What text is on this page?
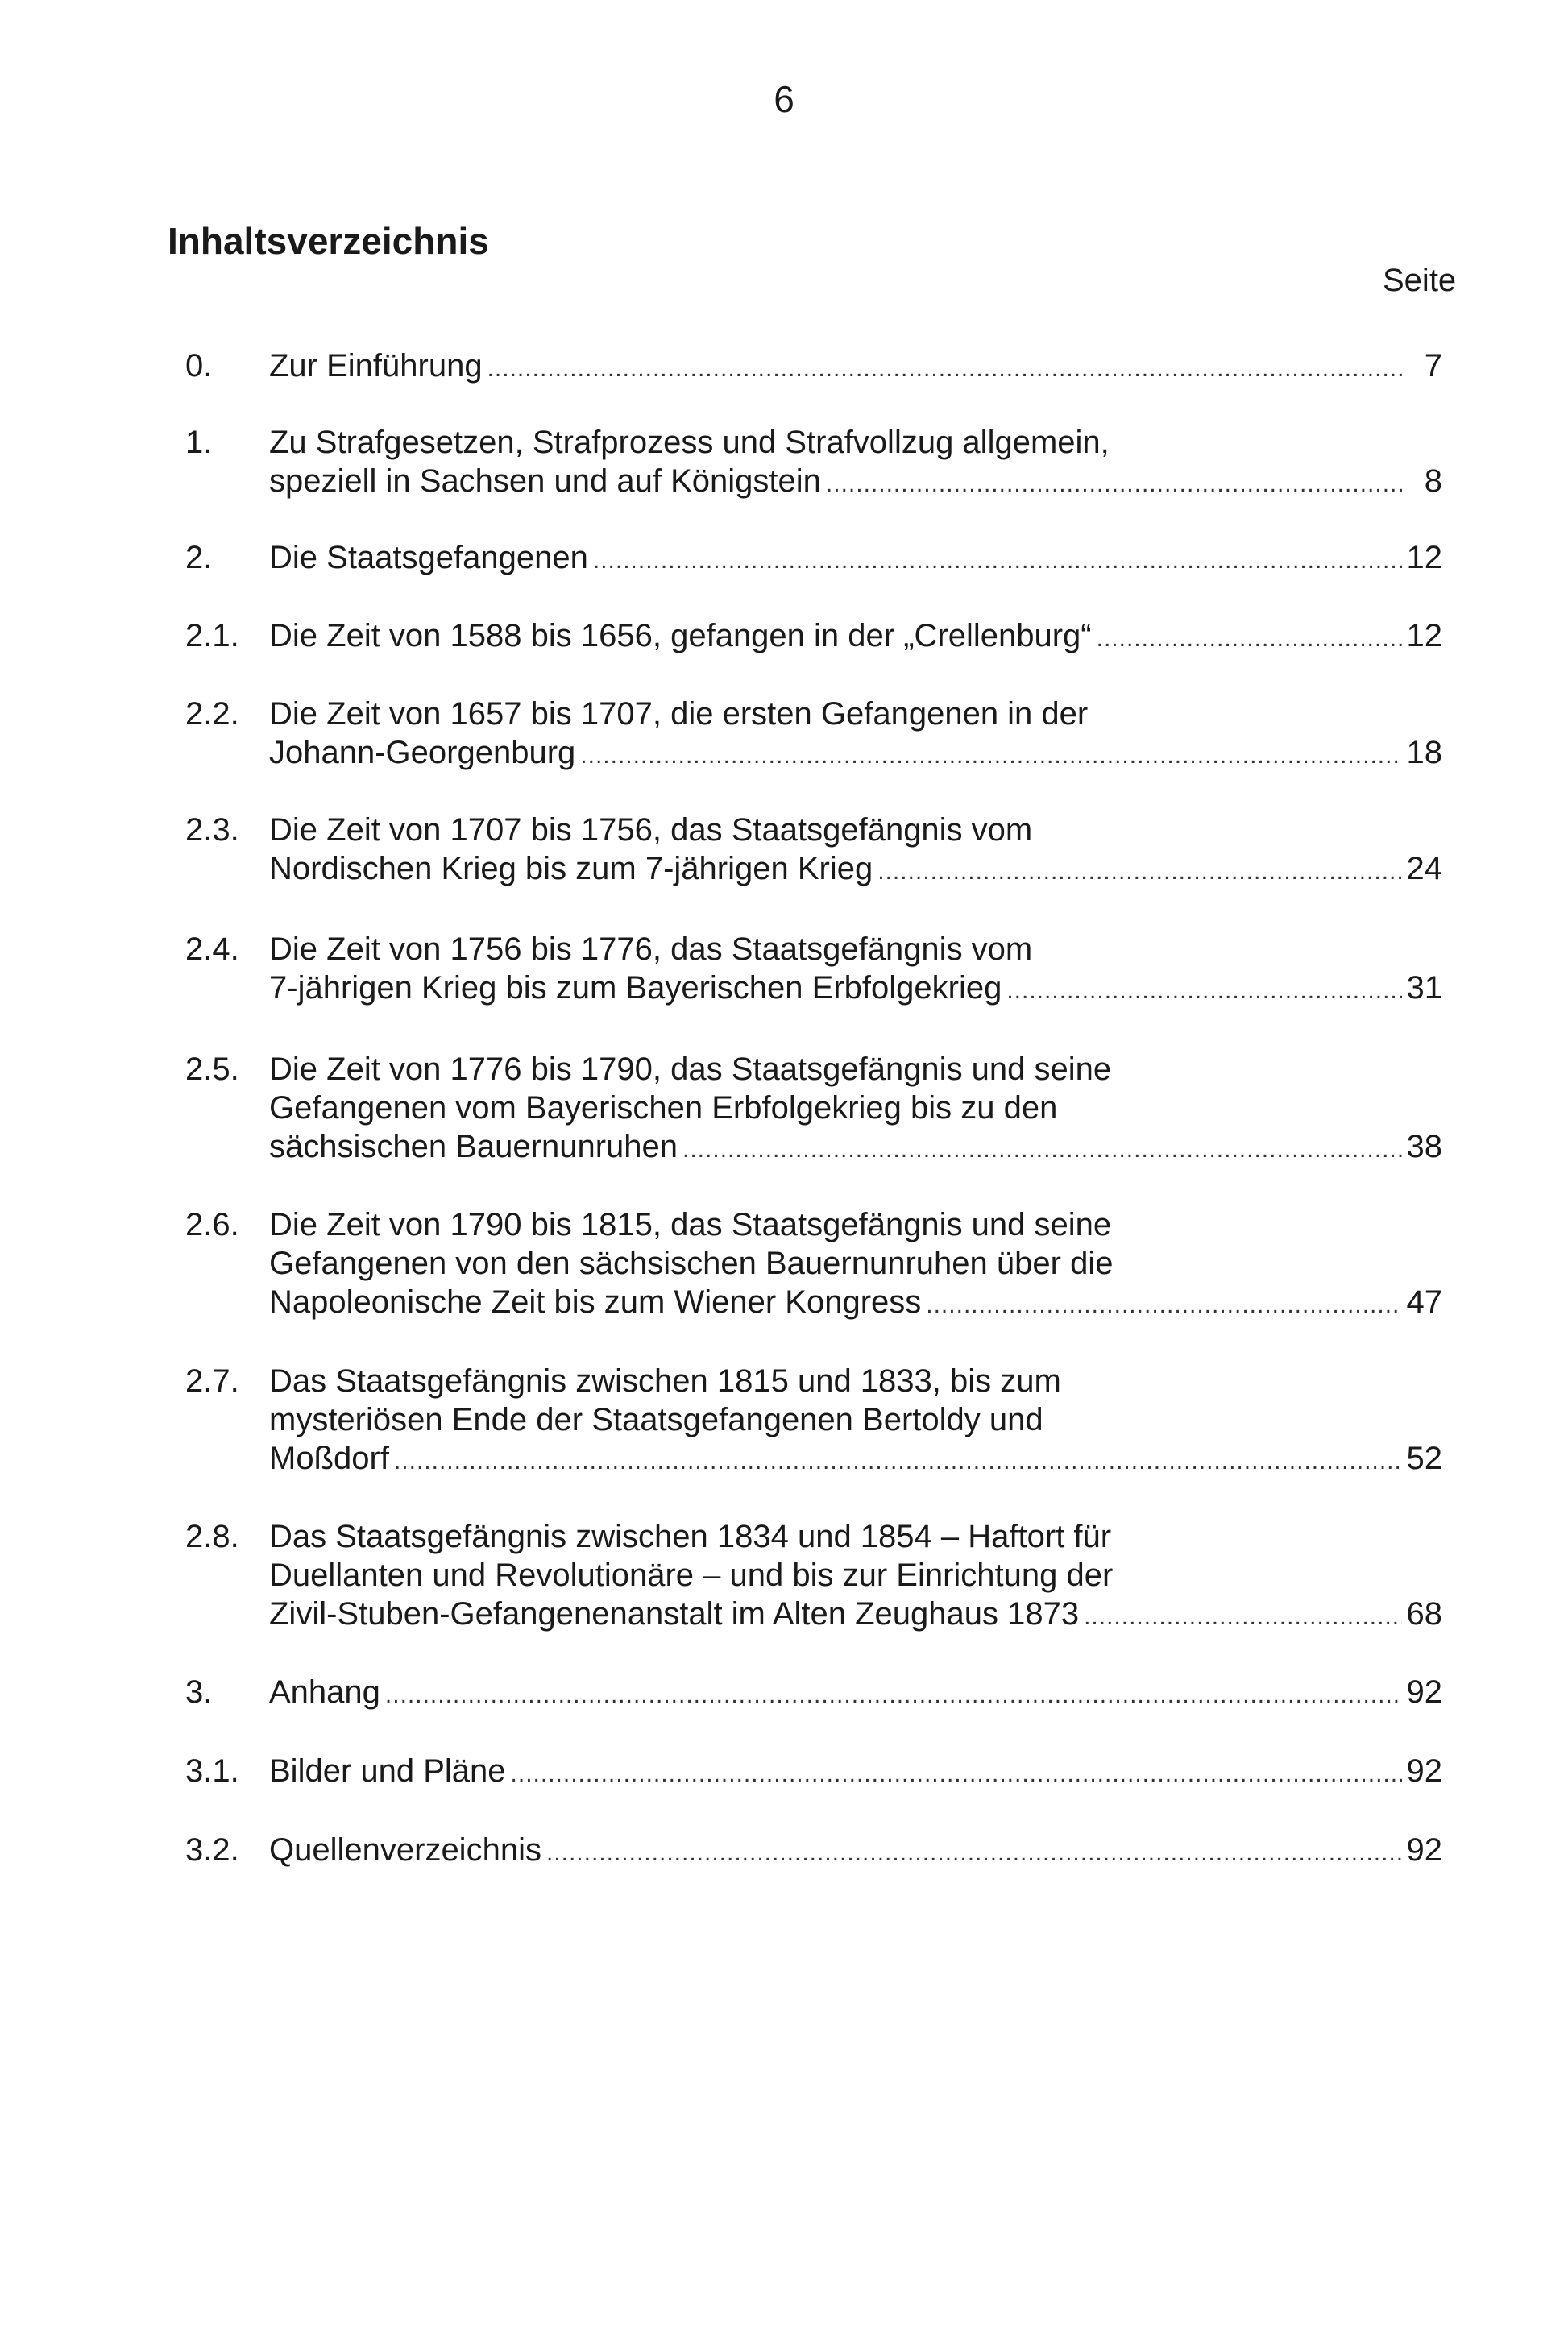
6
Inhaltsverzeichnis
Seite
0.	Zur Einführung .....	7
1.	Zu Strafgesetzen, Strafprozess und Strafvollzug allgemein,
speziell in Sachsen und auf Königstein .....	8
2.	Die Staatsgefangenen .....	12
2.1. Die Zeit von 1588 bis 1656, gefangen in der „Crellenburg“ .....	12
2.2. Die Zeit von 1657 bis 1707, die ersten Gefangenen in der
Johann-Georgenburg .....	18
2.3. Die Zeit von 1707 bis 1756, das Staatsgefängnis vom
Nordischen Krieg bis zum 7-jährigen Krieg .....	24
2.4. Die Zeit von 1756 bis 1776, das Staatsgefängnis vom
7-jährigen Krieg bis zum Bayerischen Erbfolgekrieg .....	31
2.5. Die Zeit von 1776 bis 1790, das Staatsgefängnis und seine
Gefangenen vom Bayerischen Erbfolgekrieg bis zu den
sächsischen Bauernunruhen .....	38
2.6. Die Zeit von 1790 bis 1815, das Staatsgefängnis und seine
Gefangenen von den sächsischen Bauernunruhen über die
Napoleonische Zeit bis zum Wiener Kongress .....	47
2.7. Das Staatsgefängnis zwischen 1815 und 1833, bis zum
mysteriösen Ende der Staatsgefangenen Bertoldy und
Moßdorf .....	52
2.8. Das Staatsgefängnis zwischen 1834 und 1854 – Haftort für
Duellanten und Revolutionäre – und bis zur Einrichtung der
Zivil-Stuben-Gefangenenanstalt im Alten Zeughaus 1873 .....	68
3.	Anhang .....	92
3.1. Bilder und Pläne .....	92
3.2. Quellenverzeichnis .....	92
